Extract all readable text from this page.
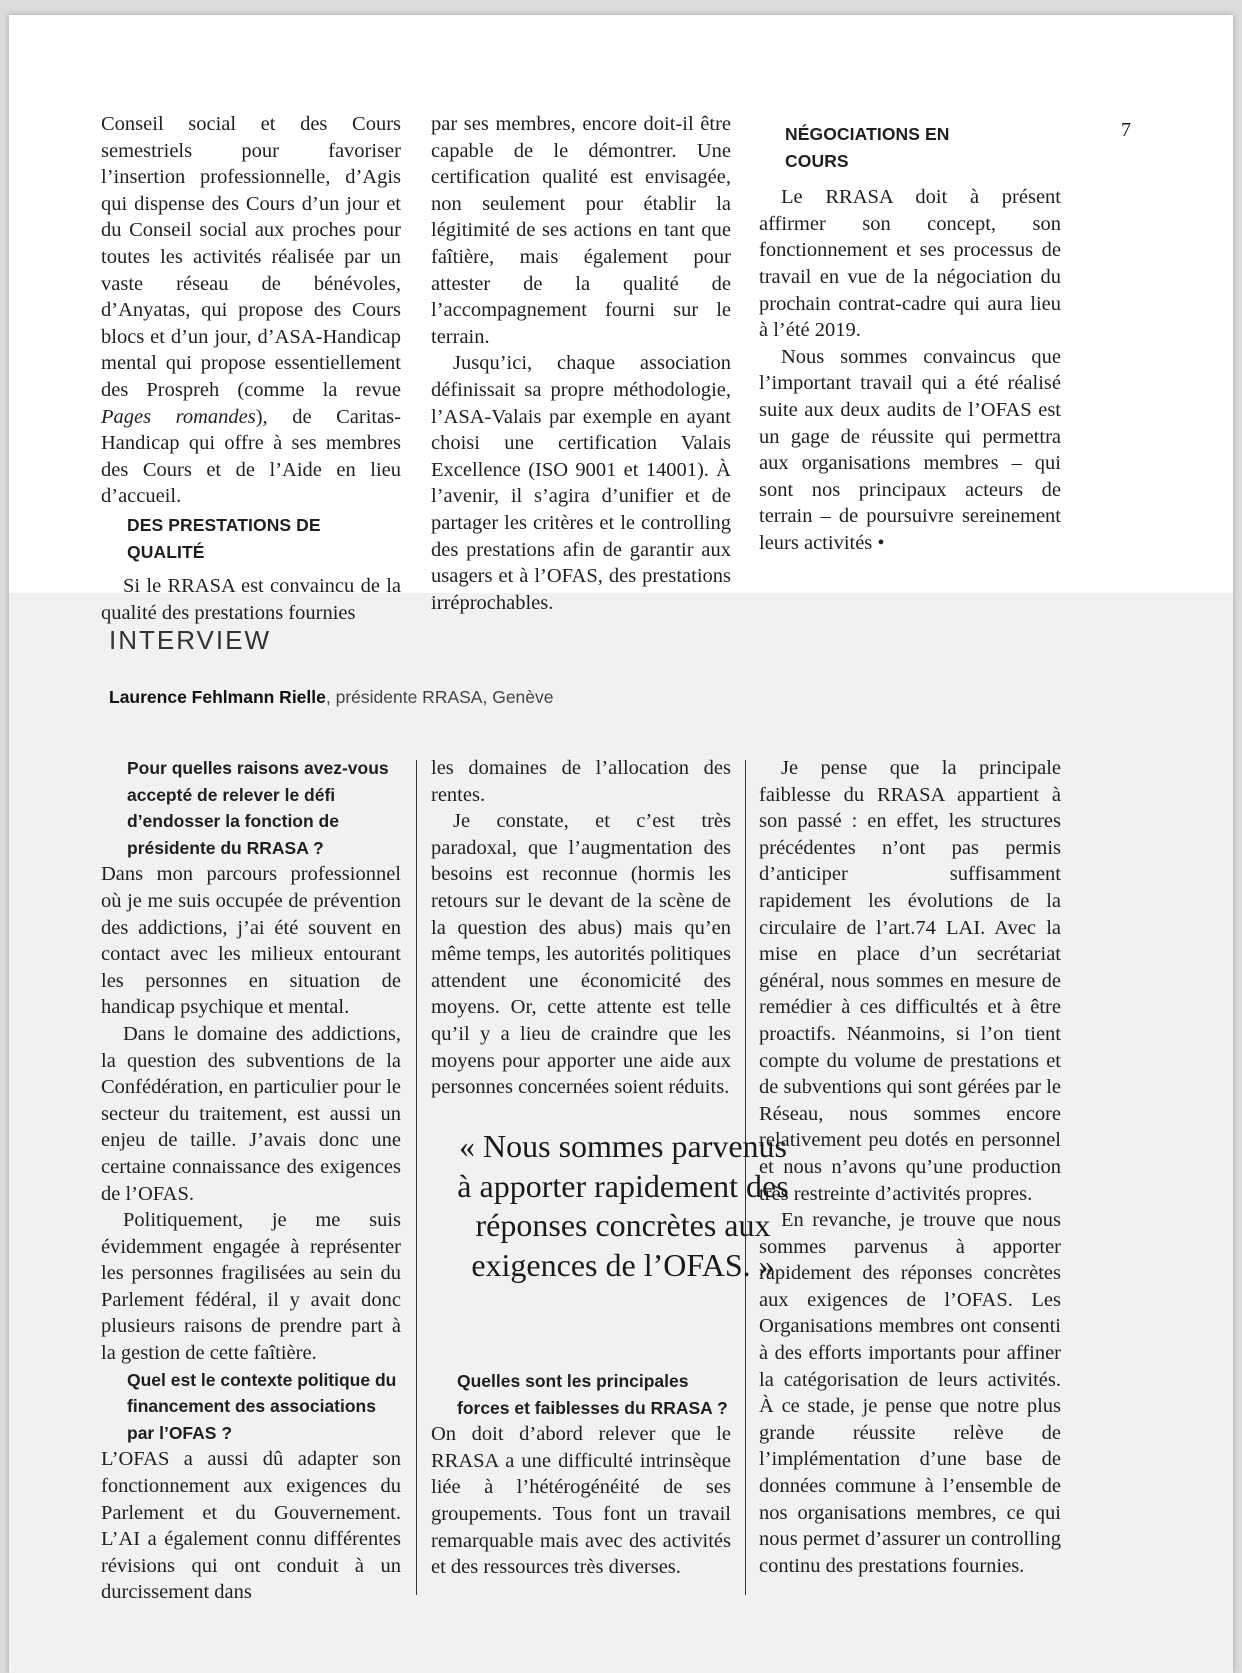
7

Conseil social et des Cours semestriels pour favoriser l’insertion professionnelle, d’Agis qui dispense des Cours d’un jour et du Conseil social aux proches pour toutes les activités réalisée par un vaste réseau de bénévoles, d’Anyatas, qui propose des Cours blocs et d’un jour, d’ASA-Handicap mental qui propose essentiellement des Prospreh (comme la revue Pages romandes), de Caritas-Handicap qui offre à ses membres des Cours et de l’Aide en lieu d’accueil.

DES PRESTATIONS DE QUALITÉ

Si le RRASA est convaincu de la qualité des prestations fournies

par ses membres, encore doit-il être capable de le démontrer. Une certification qualité est envisagée, non seulement pour établir la légitimité de ses actions en tant que faîtière, mais également pour attester de la qualité de l’accompagnement fourni sur le terrain.

Jusqu’ici, chaque association définissait sa propre méthodologie, l’ASA-Valais par exemple en ayant choisi une certification Valais Excellence (ISO 9001 et 14001). À l’avenir, il s’agira d’unifier et de partager les critères et le controlling des prestations afin de garantir aux usagers et à l’OFAS, des prestations irréprochables.

NÉGOCIATIONS EN COURS

Le RRASA doit à présent affirmer son concept, son fonctionnement et ses processus de travail en vue de la négociation du prochain contrat-cadre qui aura lieu à l’été 2019.

Nous sommes convaincus que l’important travail qui a été réalisé suite aux deux audits de l’OFAS est un gage de réussite qui permettra aux organisations membres – qui sont nos principaux acteurs de terrain – de poursuivre sereinement leurs activités •

INTERVIEW
Laurence Fehlmann Rielle, présidente RRASA, Genève
Pour quelles raisons avez-vous accepté de relever le défi d’endosser la fonction de présidente du RRASA ?

Dans mon parcours professionnel où je me suis occupée de prévention des addictions, j’ai été souvent en contact avec les milieux entourant les personnes en situation de handicap psychique et mental.

Dans le domaine des addictions, la question des subventions de la Confédération, en particulier pour le secteur du traitement, est aussi un enjeu de taille. J’avais donc une certaine connaissance des exigences de l’OFAS.

Politiquement, je me suis évidemment engagée à représenter les personnes fragilisées au sein du Parlement fédéral, il y avait donc plusieurs raisons de prendre part à la gestion de cette faîtière.

Quel est le contexte politique du financement des associations par l’OFAS ?

L’OFAS a aussi dû adapter son fonctionnement aux exigences du Parlement et du Gouvernement. L’AI a également connu différentes révisions qui ont conduit à un durcissement dans

les domaines de l’allocation des rentes.

Je constate, et c’est très paradoxal, que l’augmentation des besoins est reconnue (hormis les retours sur le devant de la scène de la question des abus) mais qu’en même temps, les autorités politiques attendent une économicité des moyens. Or, cette attente est telle qu’il y a lieu de craindre que les moyens pour apporter une aide aux personnes concernées soient réduits.

« Nous sommes parvenus à apporter rapidement des réponses concrètes aux exigences de l’OFAS. »
Quelles sont les principales forces et faiblesses du RRASA ?

On doit d’abord relever que le RRASA a une difficulté intrinsèque liée à l’hétérogénéité de ses groupements. Tous font un travail remarquable mais avec des activités et des ressources très diverses.

Je pense que la principale faiblesse du RRASA appartient à son passé : en effet, les structures précédentes n’ont pas permis d’anticiper suffisamment rapidement les évolutions de la circulaire de l’art.74 LAI. Avec la mise en place d’un secrétariat général, nous sommes en mesure de remédier à ces difficultés et à être proactifs. Néanmoins, si l’on tient compte du volume de prestations et de subventions qui sont gérées par le Réseau, nous sommes encore relativement peu dotés en personnel et nous n’avons qu’une production très restreinte d’activités propres.

En revanche, je trouve que nous sommes parvenus à apporter rapidement des réponses concrètes aux exigences de l’OFAS. Les Organisations membres ont consenti à des efforts importants pour affiner la catégorisation de leurs activités. À ce stade, je pense que notre plus grande réussite relève de l’implémentation d’une base de données commune à l’ensemble de nos organisations membres, ce qui nous permet d’assurer un controlling continu des prestations fournies.
